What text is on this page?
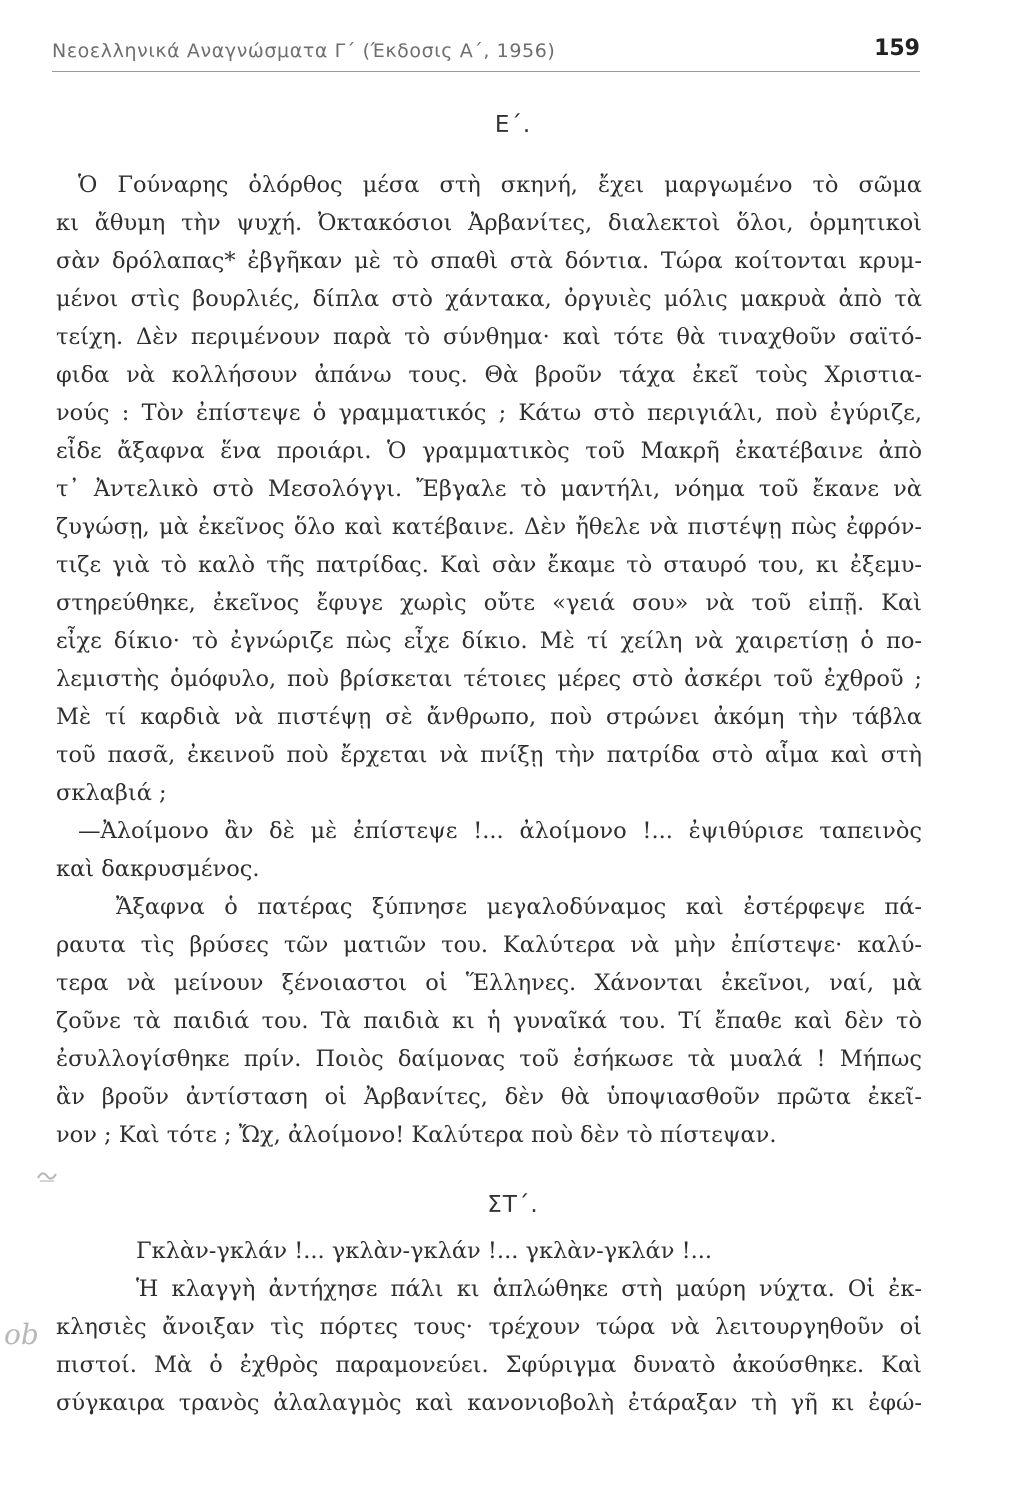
Νεοελληνικά Αναγνώσματα Γ΄ (Έκδοσις Α΄, 1956)	159
Ε΄.
Ὁ Γούναρης ὁλόρθος μέσα στὴ σκηνή, ἔχει μαργωμένο τὸ σῶμα
κι ἄθυμη τὴν ψυχή. Ὀκτακόσιοι Ἀρβανίτες, διαλεκτοὶ ὅλοι, ὁρμητικοὶ
σὰν δρόλαπας* ἐβγῆκαν μὲ τὸ σπαθὶ στὰ δόντια. Τώρα κοίτονται κρυμ-
μένοι στὶς βουρλιές, δίπλα στὸ χάντακα, ὀργυιὲς μόλις μακρυὰ ἀπὸ τὰ
τείχη. Δὲν περιμένουν παρὰ τὸ σύνθημα· καὶ τότε θὰ τιναχθοῦν σαϊτό-
φιδα νὰ κολλήσουν ἀπάνω τους. Θὰ βροῦν τάχα ἐκεῖ τοὺς Χριστια-
νούς : Τὸν ἐπίστεψε ὁ γραμματικός ; Κάτω στὸ περιγιάλι, ποὺ ἐγύριζε,
εἶδε ἄξαφνα ἕνα προιάρι. Ὁ γραμματικὸς τοῦ Μακρῆ ἐκατέβαινε ἀπὸ
τ᾿ Ἀντελικὸ στὸ Μεσολόγγι. Ἔβγαλε τὸ μαντήλι, νόημα τοῦ ἔκανε νὰ
ζυγώσῃ, μὰ ἐκεῖνος ὅλο καὶ κατέβαινε. Δὲν ἤθελε νὰ πιστέψῃ πὼς ἐφρόν-
τιζε γιὰ τὸ καλὸ τῆς πατρίδας. Καὶ σὰν ἔκαμε τὸ σταυρό του, κι ἐξεμυ-
στηρεύθηκε, ἐκεῖνος ἔφυγε χωρὶς οὔτε «γειά σου» νὰ τοῦ εἰπῇ. Καὶ
εἶχε δίκιο· τὸ ἐγνώριζε πὼς εἶχε δίκιο. Μὲ τί χείλη νὰ χαιρετίσῃ ὁ πο-
λεμιστὴς ὁμόφυλο, ποὺ βρίσκεται τέτοιες μέρες στὸ ἀσκέρι τοῦ ἐχθροῦ ;
Μὲ τί καρδιὰ νὰ πιστέψῃ σὲ ἄνθρωπο, ποὺ στρώνει ἀκόμη τὴν τάβλα
τοῦ πασᾶ, ἐκεινοῦ ποὺ ἔρχεται νὰ πνίξῃ τὴν πατρίδα στὸ αἷμα καὶ στὴ
σκλαβιά ;
—Ἀλοίμονο ἂν δὲ μὲ ἐπίστεψε !... ἀλοίμονο !... ἐψιθύρισε ταπεινὸς
καὶ δακρυσμένος.
Ἄξαφνα ὁ πατέρας ξύπνησε μεγαλοδύναμος καὶ ἐστέρφεψε πά-
ραυτα τὶς βρύσες τῶν ματιῶν του. Καλύτερα νὰ μὴν ἐπίστεψε· καλύ-
τερα νὰ μείνουν ξένοιαστοι οἱ Ἕλληνες. Χάνονται ἐκεῖνοι, ναί, μὰ
ζοῦνε τὰ παιδιά του. Τὰ παιδιὰ κι ἡ γυναῖκά του. Τί ἔπαθε καὶ δὲν τὸ
ἐσυλλογίσθηκε πρίν. Ποιὸς δαίμονας τοῦ ἐσήκωσε τὰ μυαλά ! Μήπως
ἂν βροῦν ἀντίσταση οἱ Ἀρβανίτες, δὲν θὰ ὑποψιασθοῦν πρῶτα ἐκεῖ-
νον ; Καὶ τότε ; Ὤχ, ἀλοίμονο! Καλύτερα ποὺ δὲν τὸ πίστεψαν.
ΣΤ΄.
Γκλὰν-γκλάν !... γκλὰν-γκλάν !... γκλὰν-γκλάν !...
Ἡ κλαγγὴ ἀντήχησε πάλι κι ἁπλώθηκε στὴ μαύρη νύχτα. Οἱ ἐκ-
κλησιὲς ἄνοιξαν τὶς πόρτες τους· τρέχουν τώρα νὰ λειτουργηθοῦν οἱ
πιστοί. Μὰ ὁ ἐχθρὸς παραμονεύει. Σφύριγμα δυνατὸ ἀκούσθηκε. Καὶ
σύγκαιρα τρανὸς ἀλαλαγμὸς καὶ κανονιοβολὴ ἐτάραξαν τὴ γῆ κι ἐφώ-
ob
